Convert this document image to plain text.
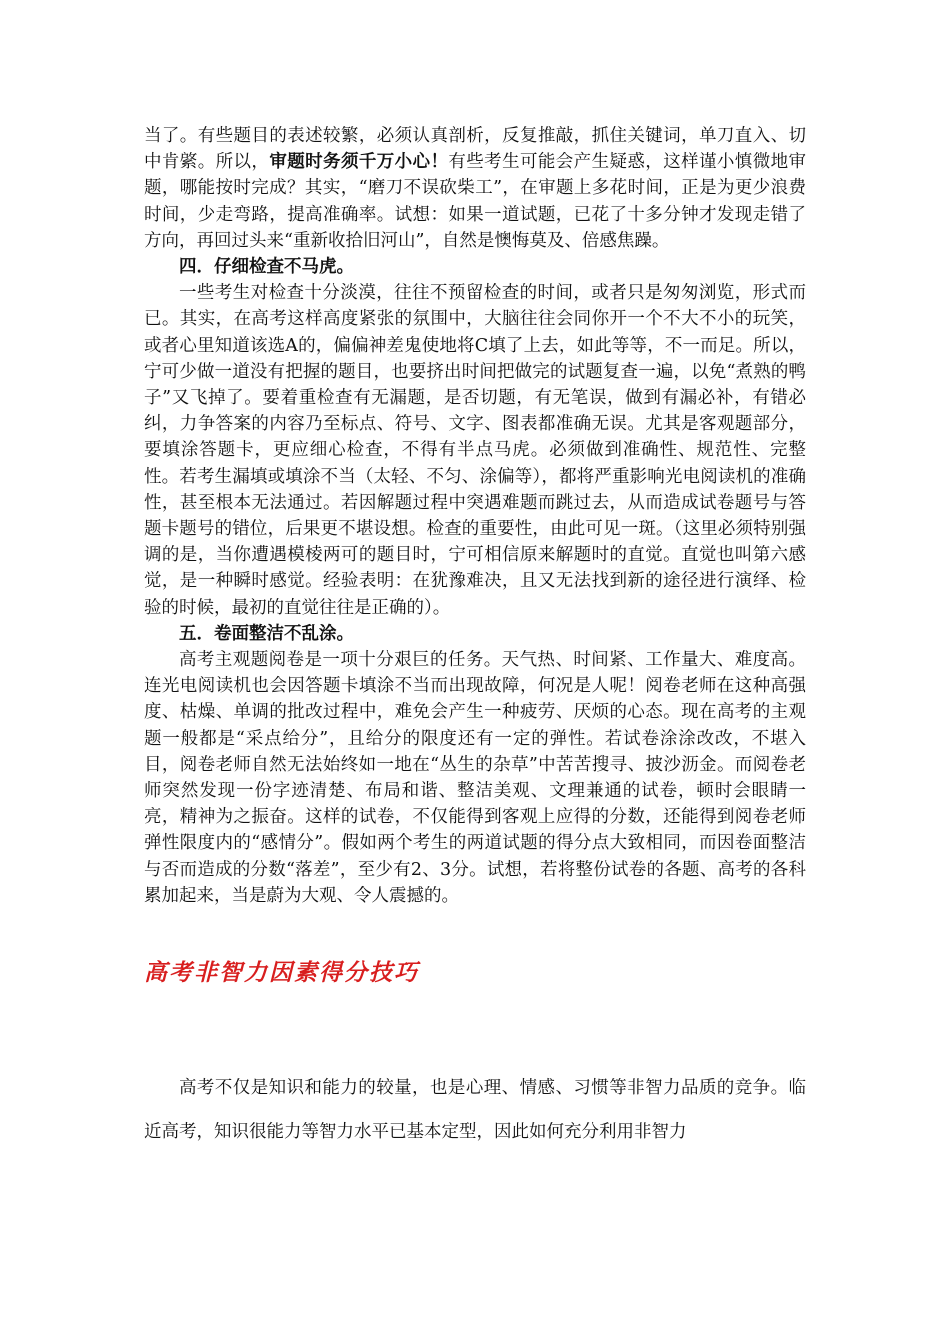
当了。有些题目的表述较繁，必须认真剖析，反复推敲，抓住关键词，单刀直入、切中肯綮。所以，审题时务须千万小心！有些考生可能会产生疑惑，这样谨小慎微地审题，哪能按时完成？其实，“磨刀不误砍柴工”，在审题上多花时间，正是为更少浪费时间，少走弯路，提高准确率。试想：如果一道试题，已花了十多分钟才发现走错了方向，再回过头来“重新收拾旧河山”，自然是懊悔莫及、倍感焦躁。

四．仔细检查不马虎。

一些考生对检查十分淡漠，往往不预留检查的时间，或者只是匆匆浏览，形式而已。其实，在高考这样高度紧张的氛围中，大脑往往会同你开一个不大不小的玩笑，或者心里知道该选A的，偏偏神差鬼使地将C填了上去，如此等等，不一而足。所以，宁可少做一道没有把握的题目，也要挤出时间把做完的试题复查一遍，以免“煮熟的鸭子”又飞掉了。要着重检查有无漏题，是否切题，有无笔误，做到有漏必补，有错必纠，力争答案的内容乃至标点、符号、文字、图表都准确无误。尤其是客观题部分，要填涂答题卡，更应细心检查，不得有半点马虎。必须做到准确性、规范性、完整性。若考生漏填或填涂不当（太轻、不匀、涂偏等），都将严重影响光电阅读机的准确性，甚至根本无法通过。若因解题过程中突遇难题而跳过去，从而造成试卷题号与答题卡题号的错位，后果更不堪设想。检查的重要性，由此可见一斑。（这里必须特别强调的是，当你遭遇模棱两可的题目时，宁可相信原来解题时的直觉。直觉也叫第六感觉，是一种瞬时感觉。经验表明：在犹豫难决，且又无法找到新的途径进行演绎、检验的时候，最初的直觉往往是正确的）。

五．卷面整洁不乱涂。

高考主观题阅卷是一项十分艰巨的任务。天气热、时间紧、工作量大、难度高。连光电阅读机也会因答题卡填涂不当而出现故障，何况是人呢！阅卷老师在这种高强度、枯燥、单调的批改过程中，难免会产生一种疲劳、厌烦的心态。现在高考的主观题一般都是“采点给分”，且给分的限度还有一定的弹性。若试卷涂涂改改，不堪入目，阅卷老师自然无法始终如一地在“丛生的杂草”中苦苦搜寻、披沙沥金。而阅卷老师突然发现一份字迹清楚、布局和谐、整洁美观、文理兼通的试卷，顿时会眼睛一亮，精神为之振奋。这样的试卷，不仅能得到客观上应得的分数，还能得到阅卷老师弹性限度内的“感情分”。假如两个考生的两道试题的得分点大致相同，而因卷面整洁与否而造成的分数“落差”，至少有2、3分。试想，若将整份试卷的各题、高考的各科累加起来，当是蔚为大观、令人震撼的。

高考非智力因素得分技巧

高考不仅是知识和能力的较量，也是心理、情感、习惯等非智力品质的竞争。临近高考，知识很能力等智力水平已基本定型，因此如何充分利用非智力
